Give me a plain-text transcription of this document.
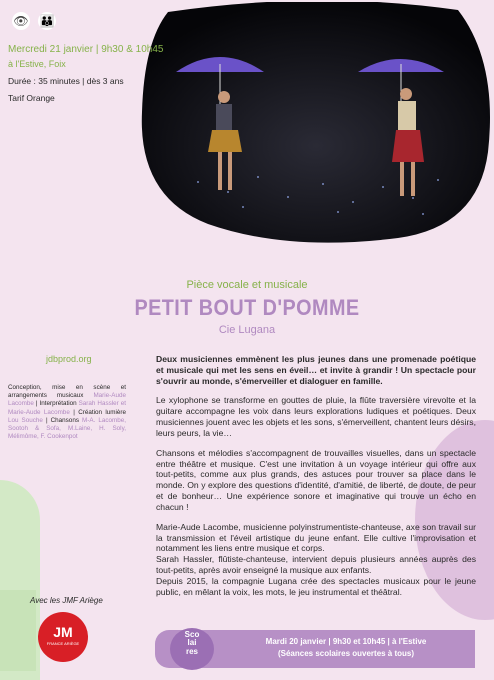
👁 👪
Mercredi 21 janvier | 9h30 & 10h45
à l'Estive, Foix
Durée : 35 minutes | dès 3 ans
Tarif Orange
Pièce vocale et musicale
PETIT BOUT D'POMME
Cie Lugana
jdbprod.org
Conception, mise en scène et arrangements musicaux Marie-Aude Lacombe | Interprétation Sarah Hassler et Marie-Aude Lacombe | Création lumière Lou Souche | Chansons M-A. Lacombe, Sootoh & Sofa, M.Laine, H. Soly, Mélimôme, F. Cookenpot
Avec les JMF Ariège
JM
FRANCE ARIÈGE

Deux musiciennes emmènent les plus jeunes dans une promenade poétique et musicale qui met les sens en éveil… et invite à grandir ! Un spectacle pour s'ouvrir au monde, s'émerveiller et dialoguer en famille.

Le xylophone se transforme en gouttes de pluie, la flûte traversière virevolte et la guitare accompagne les voix dans leurs explorations ludiques et poétiques. Deux musiciennes jouent avec les objets et les sons, s'émerveillent, chantent leurs désirs, leurs peurs, la vie…

Chansons et mélodies s'accompagnent de trouvailles visuelles, dans un spectacle entre théâtre et musique. C'est une invitation à un voyage intérieur qui offre aux tout-petits, comme aux plus grands, des astuces pour trouver sa place dans le monde. On y explore des questions d'identité, d'amitié, de liberté, de doute, de peur et de bonheur… Une expérience sonore et imaginative qui trouve un écho en chacun !

Marie-Aude Lacombe, musicienne polyinstrumentiste-chanteuse, axe son travail sur la transmission et l'éveil artistique du jeune enfant. Elle cultive l'improvisation et notamment les liens entre musique et corps.
Sarah Hassler, flûtiste-chanteuse, intervient depuis plusieurs années auprès des tout-petits, après avoir enseigné la musique aux enfants.
Depuis 2015, la compagnie Lugana crée des spectacles musicaux pour le jeune public, en mêlant la voix, les mots, le jeu instrumental et théâtral.
Sco
lai
res
Mardi 20 janvier | 9h30 et 10h45 | à l'Estive
(Séances scolaires ouvertes à tous)
